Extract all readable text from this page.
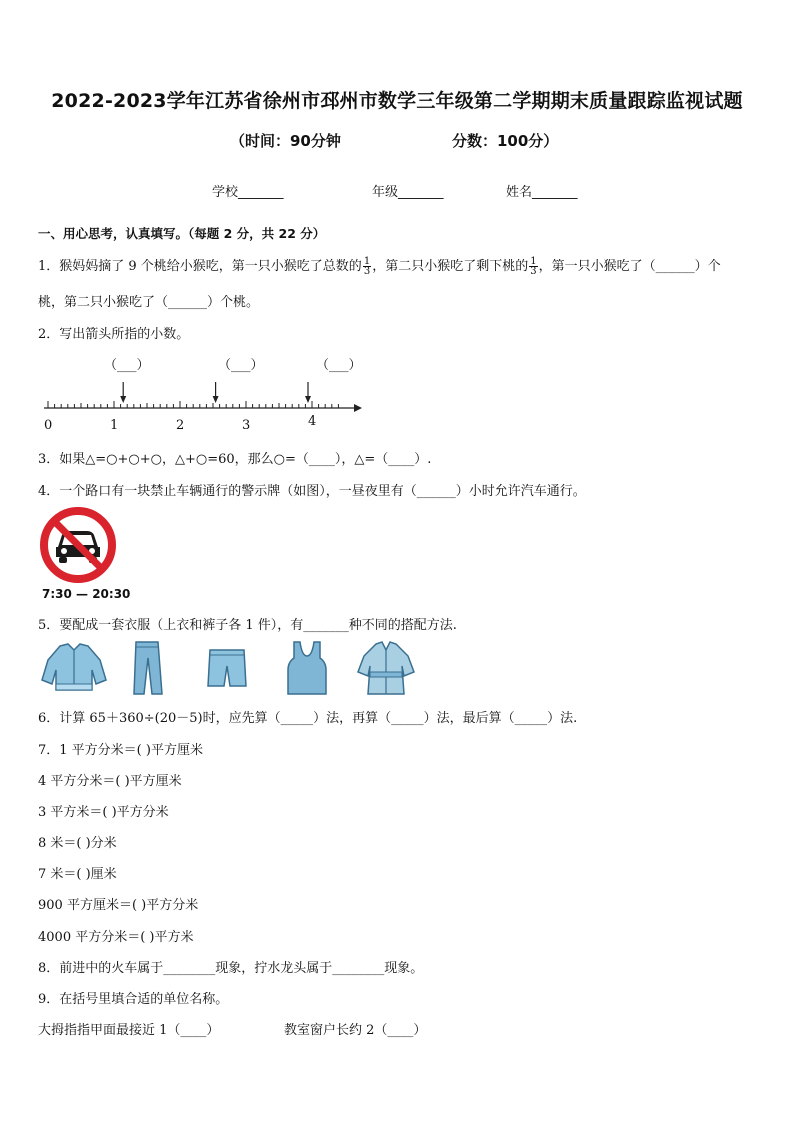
2022-2023学年江苏省徐州市邳州市数学三年级第二学期期末质量跟踪监视试题
（时间：90分钟	分数：100分）
学校_______	年级_______	姓名_______
一、用心思考，认真填写。（每题 2 分，共 22 分）
1．猴妈妈摘了 9 个桃给小猴吃，第一只小猴吃了总数的 $\frac{1}{3}$ ，第二只小猴吃了剩下桃的 $\frac{1}{3}$ ，第一只小猴吃了（______）个
桃，第二只小猴吃了（______）个桃。
2．写出箭头所指的小数。
（___）	（___）	（___）
0	1	2	3	4
3．如果△=○+○+○，△+○=60，那么○=（____），△=（____）.
4．一个路口有一块禁止车辆通行的警示牌（如图），一昼夜里有（______）小时允许汽车通行。
7:30 — 20:30
5．要配成一套衣服（上衣和裤子各 1 件），有_______种不同的搭配方法.
6．计算 65＋360÷(20－5)时，应先算（_____）法，再算（_____）法，最后算（_____）法.
7．1 平方分米＝( )平方厘米
4 平方分米＝( )平方厘米
3 平方米＝( )平方分米
8 米＝( )分米
7 米＝( )厘米
900 平方厘米＝( )平方分米
4000 平方分米＝( )平方米
8．前进中的火车属于________现象，拧水龙头属于________现象。
9．在括号里填合适的单位名称。
大拇指指甲面最接近 1（____）	教室窗户长约 2（____）
